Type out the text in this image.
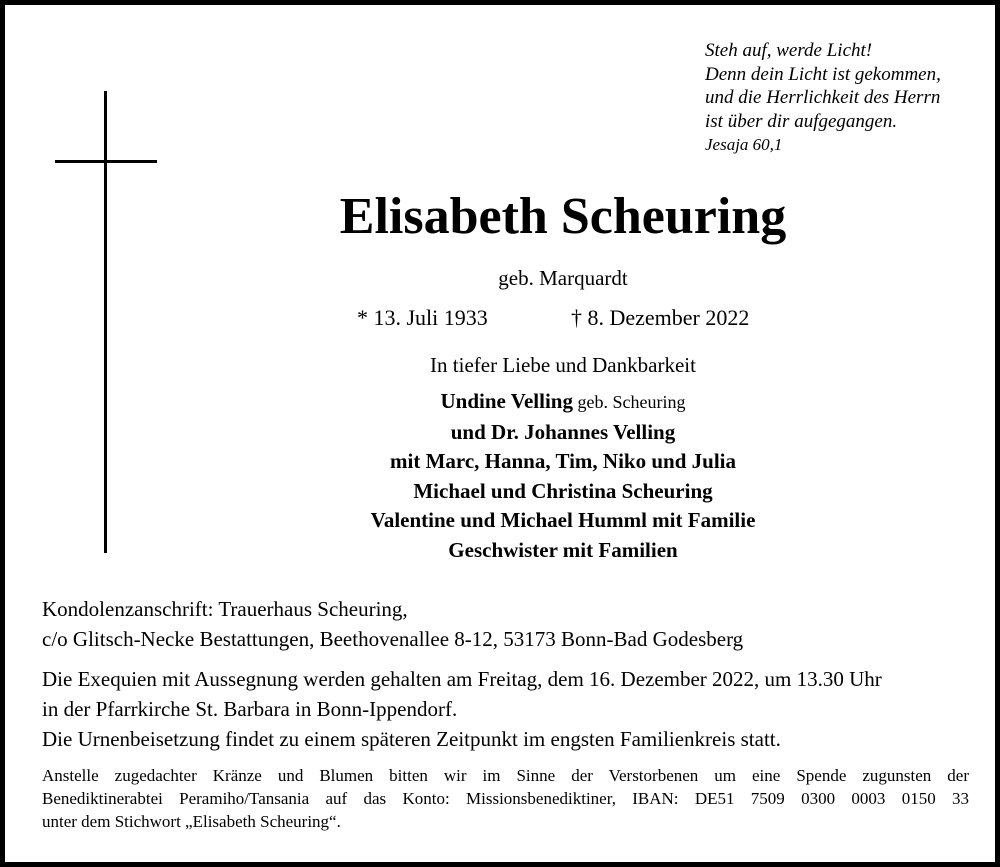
Steh auf, werde Licht!
Denn dein Licht ist gekommen,
und die Herrlichkeit des Herrn
ist über dir aufgegangen.
Jesaja 60,1
Elisabeth Scheuring
geb. Marquardt
* 13. Juli 1933	† 8. Dezember 2022
In tiefer Liebe und Dankbarkeit
Undine Velling geb. Scheuring
und Dr. Johannes Velling
mit Marc, Hanna, Tim, Niko und Julia
Michael und Christina Scheuring
Valentine und Michael Humml mit Familie
Geschwister mit Familien
Kondolenzanschrift: Trauerhaus Scheuring,
c/o Glitsch-Necke Bestattungen, Beethovenallee 8-12, 53173 Bonn-Bad Godesberg
Die Exequien mit Aussegnung werden gehalten am Freitag, dem 16. Dezember 2022, um 13.30 Uhr
in der Pfarrkirche St. Barbara in Bonn-Ippendorf.
Die Urnenbeisetzung findet zu einem späteren Zeitpunkt im engsten Familienkreis statt.
Anstelle zugedachter Kränze und Blumen bitten wir im Sinne der Verstorbenen um eine Spende zugunsten der
Benediktinerabtei Peramiho/Tansania auf das Konto: Missionsbenediktiner, IBAN: DE51 7509 0300 0003 0150 33
unter dem Stichwort „Elisabeth Scheuring“.
